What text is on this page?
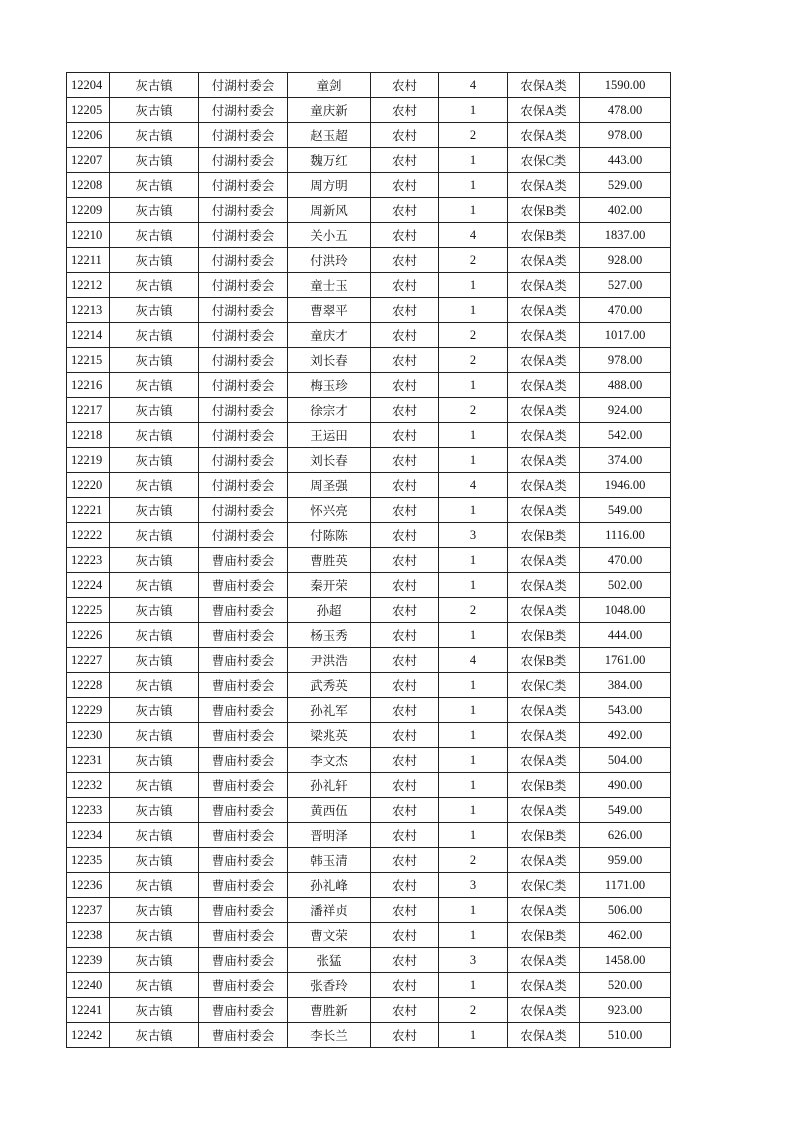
12204	灰古镇	付湖村委会	童剑	农村	4	农保A类	1590.00
12205	灰古镇	付湖村委会	童庆新	农村	1	农保A类	478.00
12206	灰古镇	付湖村委会	赵玉超	农村	2	农保A类	978.00
12207	灰古镇	付湖村委会	魏万红	农村	1	农保C类	443.00
12208	灰古镇	付湖村委会	周方明	农村	1	农保A类	529.00
12209	灰古镇	付湖村委会	周新风	农村	1	农保B类	402.00
12210	灰古镇	付湖村委会	关小五	农村	4	农保B类	1837.00
12211	灰古镇	付湖村委会	付洪玲	农村	2	农保A类	928.00
12212	灰古镇	付湖村委会	童士玉	农村	1	农保A类	527.00
12213	灰古镇	付湖村委会	曹翠平	农村	1	农保A类	470.00
12214	灰古镇	付湖村委会	童庆才	农村	2	农保A类	1017.00
12215	灰古镇	付湖村委会	刘长春	农村	2	农保A类	978.00
12216	灰古镇	付湖村委会	梅玉珍	农村	1	农保A类	488.00
12217	灰古镇	付湖村委会	徐宗才	农村	2	农保A类	924.00
12218	灰古镇	付湖村委会	王运田	农村	1	农保A类	542.00
12219	灰古镇	付湖村委会	刘长春	农村	1	农保A类	374.00
12220	灰古镇	付湖村委会	周圣强	农村	4	农保A类	1946.00
12221	灰古镇	付湖村委会	怀兴亮	农村	1	农保A类	549.00
12222	灰古镇	付湖村委会	付陈陈	农村	3	农保B类	1116.00
12223	灰古镇	曹庙村委会	曹胜英	农村	1	农保A类	470.00
12224	灰古镇	曹庙村委会	秦开荣	农村	1	农保A类	502.00
12225	灰古镇	曹庙村委会	孙超	农村	2	农保A类	1048.00
12226	灰古镇	曹庙村委会	杨玉秀	农村	1	农保B类	444.00
12227	灰古镇	曹庙村委会	尹洪浩	农村	4	农保B类	1761.00
12228	灰古镇	曹庙村委会	武秀英	农村	1	农保C类	384.00
12229	灰古镇	曹庙村委会	孙礼军	农村	1	农保A类	543.00
12230	灰古镇	曹庙村委会	梁兆英	农村	1	农保A类	492.00
12231	灰古镇	曹庙村委会	李文杰	农村	1	农保A类	504.00
12232	灰古镇	曹庙村委会	孙礼轩	农村	1	农保B类	490.00
12233	灰古镇	曹庙村委会	黄西伍	农村	1	农保A类	549.00
12234	灰古镇	曹庙村委会	晋明泽	农村	1	农保B类	626.00
12235	灰古镇	曹庙村委会	韩玉清	农村	2	农保A类	959.00
12236	灰古镇	曹庙村委会	孙礼峰	农村	3	农保C类	1171.00
12237	灰古镇	曹庙村委会	潘祥贞	农村	1	农保A类	506.00
12238	灰古镇	曹庙村委会	曹文荣	农村	1	农保B类	462.00
12239	灰古镇	曹庙村委会	张猛	农村	3	农保A类	1458.00
12240	灰古镇	曹庙村委会	张香玲	农村	1	农保A类	520.00
12241	灰古镇	曹庙村委会	曹胜新	农村	2	农保A类	923.00
12242	灰古镇	曹庙村委会	李长兰	农村	1	农保A类	510.00
